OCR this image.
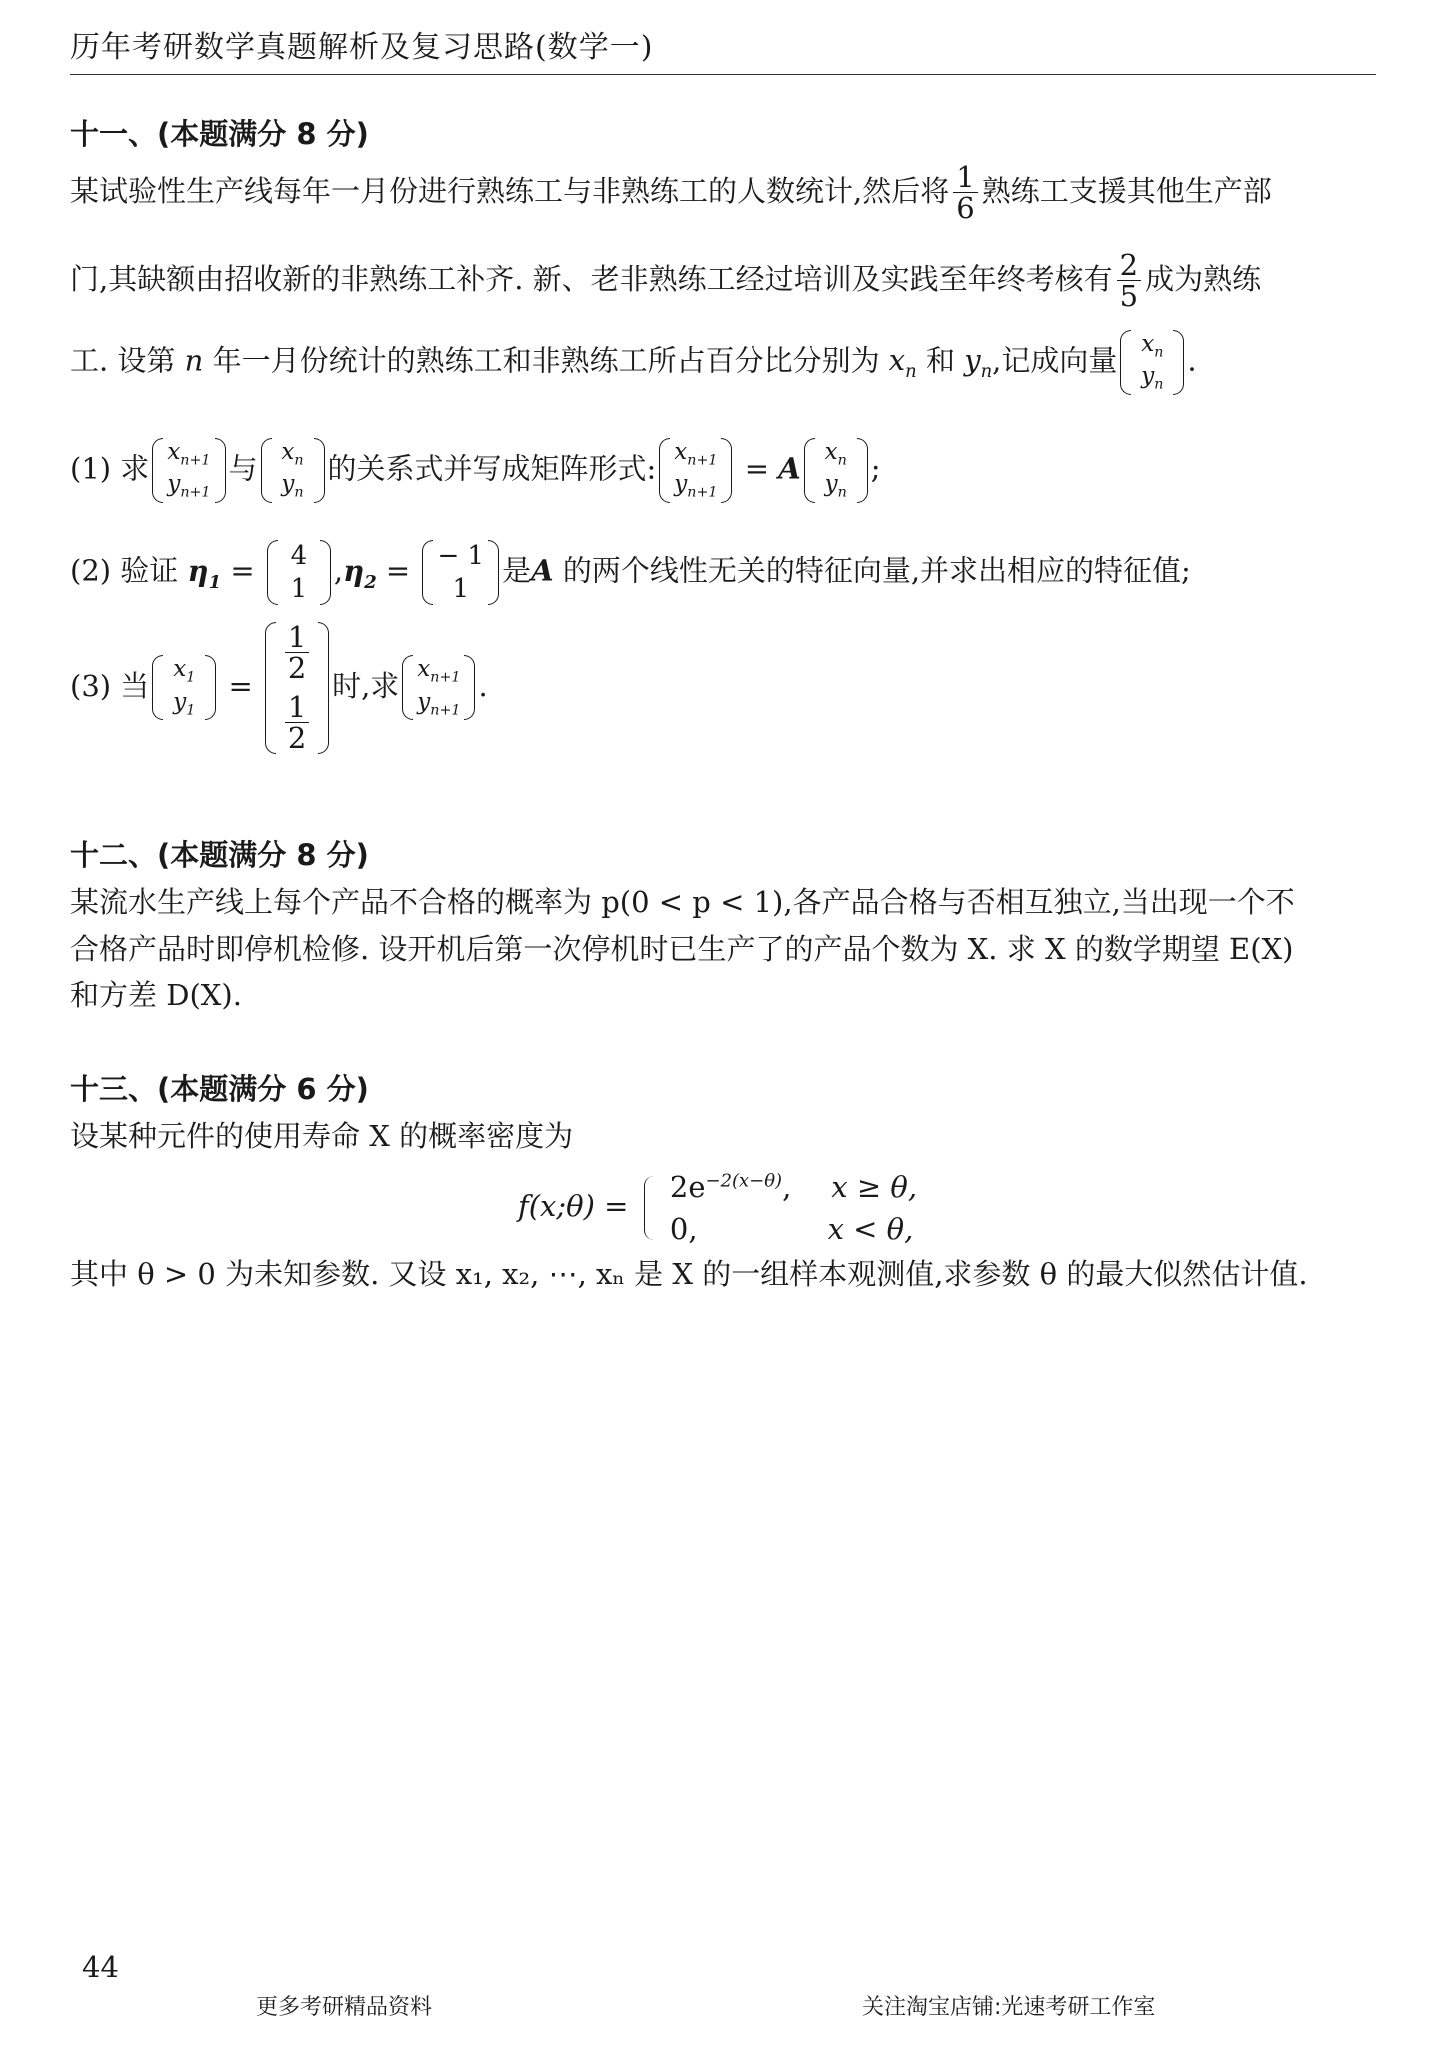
历年考研数学真题解析及复习思路(数学一)
十一、(本题满分 8 分)
某试验性生产线每年一月份进行熟练工与非熟练工的人数统计,然后将 $\frac{1}{6}$ 熟练工支援其他生产部
门,其缺额由招收新的非熟练工补齐. 新、老非熟练工经过培训及实践至年终考核有 $\frac{2}{5}$ 成为熟练
工. 设第 n 年一月份统计的熟练工和非熟练工所占百分比分别为 $x_n$ 和 $y_n$,记成向量 $x_n$
$y_n$
.
(1) 求 $x_{n+1}$
$y_{n+1}$
与 $x_n$
$y_n$
的关系式并写成矩阵形式: $x_{n+1}$
$y_{n+1}$
= A $x_n$
$y_n$
;
(2) 验证 $\eta_1 = 4$
1
$,\eta_2$ = − 1
1
是A 的两个线性无关的特征向量,并求出相应的特征值;
(3) 当 $x_1$
$y_1$
=
$\frac{1}{2}$
$\frac{1}{2}$
时,求 $x_{n+1}$
$y_{n+1}$
.
十二、(本题满分 8 分)
某流水生产线上每个产品不合格的概率为 p(0 < p < 1),各产品合格与否相互独立,当出现一个不
合格产品时即停机检修. 设开机后第一次停机时已生产了的产品个数为 X. 求 X 的数学期望 E(X)
和方差 D(X).
十三、(本题满分 6 分)
设某种元件的使用寿命 X 的概率密度为
f(x;θ) =
$2e^{-2(x-\theta)}$, x ≥ θ,
0,	x < θ,
其中 θ > 0 为未知参数. 又设 x₁, x₂, ⋯, xₙ 是 X 的一组样本观测值,求参数 θ 的最大似然估计值.
44
更多考研精品资料	关注淘宝店铺:光速考研工作室
